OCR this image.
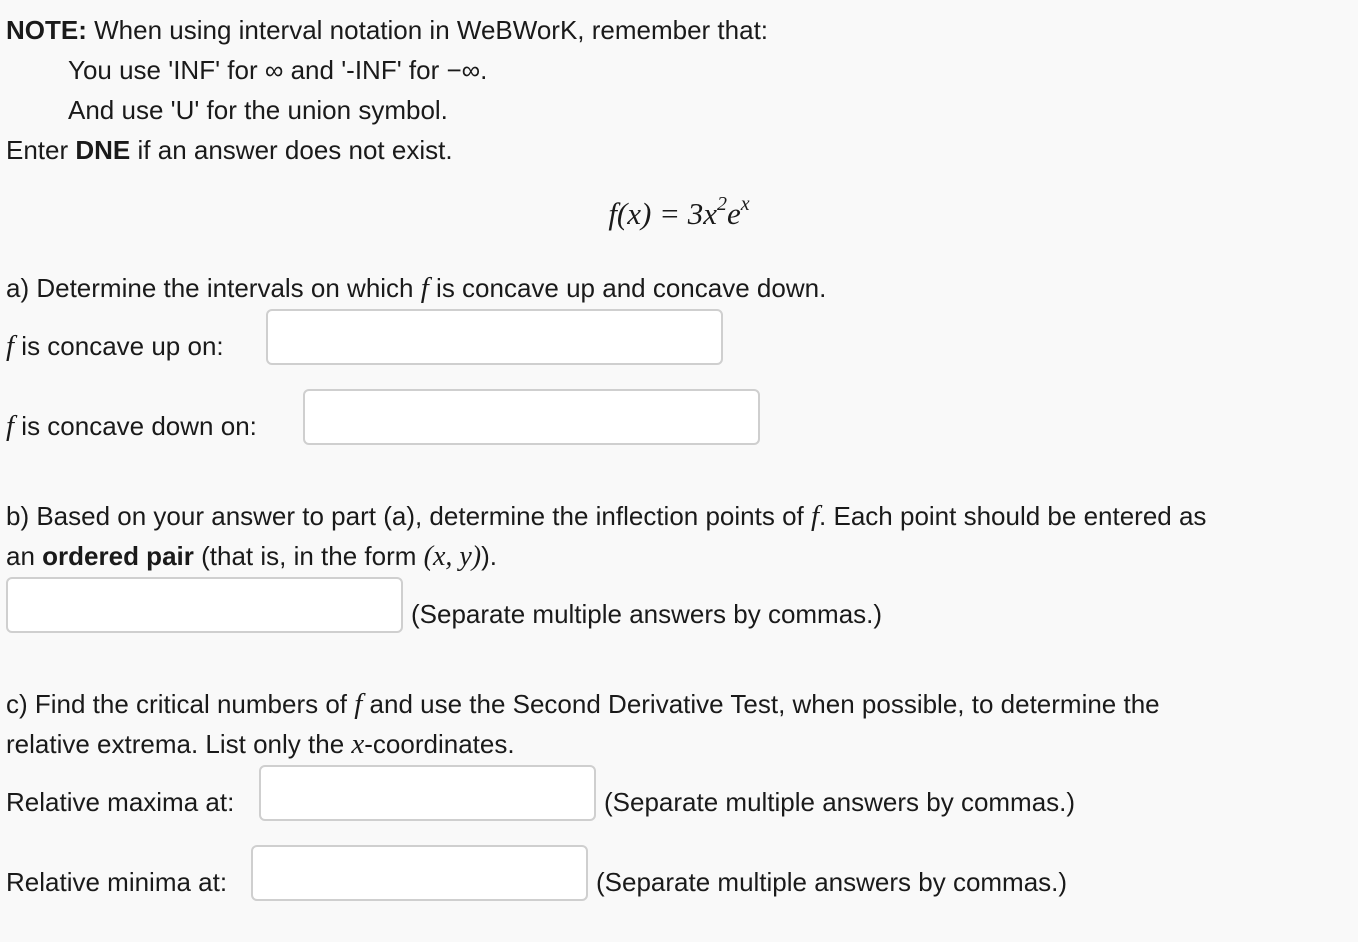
NOTE: When using interval notation in WeBWorK, remember that:
You use 'INF' for ∞ and '-INF' for −∞.
And use 'U' for the union symbol.
Enter DNE if an answer does not exist.
$f(x) = 3x^2e^x$
a) Determine the intervals on which f is concave up and concave down.
f is concave up on:
f is concave down on:
b) Based on your answer to part (a), determine the inflection points of f. Each point should be entered as
an ordered pair (that is, in the form (x, y)).
(Separate multiple answers by commas.)
c) Find the critical numbers of f and use the Second Derivative Test, when possible, to determine the
relative extrema. List only the x-coordinates.
Relative maxima at:	(Separate multiple answers by commas.)
Relative minima at:	(Separate multiple answers by commas.)
